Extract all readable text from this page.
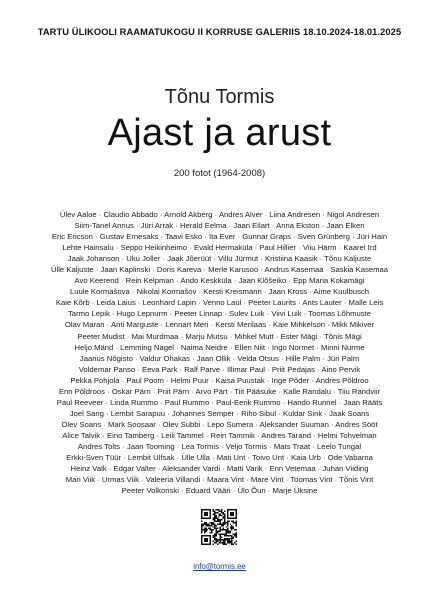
TARTU ÜLIKOOLI RAAMATUKOGU II KORRUSE GALERIIS 18.10.2024-18.01.2025
Tõnu Tormis
Ajast ja arust
200 fotot (1964-2008)
Ülev Aaloe · Claudio Abbado · Arnold Akberg · Andres Alver · Liina Andresen · Nigol Andresen
Siim-Tanel Annus · Jüri Arrak · Herald Eelma · Jaan Eilart · Anna Ekston · Jaan Elken
Eric Ericson · Gustav Ernesaks · Taavi Esko · Ita Ever · Gunnar Graps · Sven Grünberg · Jüri Hain
Lehte Hainsalu · Seppo Heikinheimo · Evald Hermaküla · Paul Hillier · Viiu Härm · Kaarel Ird
Jaak Johanson · Uku Joller · Jaak Jõerüüt · Villu Jürmut · Kristiina Kaasik · Tõnu Kaljuste
Ülle Kaljuste · Jaan Kaplinski · Doris Kareva · Merle Karusoo · Andrus Kasemaa · Saskia Kasemaa
Avo Keerend · Rein Kelpman · Ando Keskküla · Jaan Klõšeiko · Epp Maria Kokamägi
Luule Kormašova · Nikolai Kormašov · Kersti Kreismann · Jaan Kross · Aime Kuulbusch
Kaie Kõrb · Leida Laius · Leonhard Lapin · Venno Laul · Peeter Laurits · Ants Lauter · Malle Leis
Tarmo Lepik · Hugo Lepnurm · Peeter Linnap · Sulev Luik · Viivi Luik · Toomas Lõhmuste
Olav Maran · Anti Marguste · Lennart Meri · Kersti Merilaas · Kaie Mihkelson · Mikk Mikiver
Peeter Mudist · Mai Murdmaa · Marju Mutsu · Mihkel Mutt · Ester Mägi · Tõnis Mägi
Heljo Mänd · Lemming Nagel · Naima Neidre · Ellen Niit · Ingo Normet · Minni Nurme
Jaanus Nõgisto · Valdur Ohakas · Jaan Ollik · Velda Otsus · Hille Palm · Jüri Palm
Voldemar Panso · Eeva Park · Ralf Parve · Illimar Paul · Priit Pedajas · Aino Pervik
Pekka Pohjola · Paul Poom · Helmi Puur · Kaisa Puustak · Inge Põder · Andres Põldroo
Enn Põldroos · Oskar Pärn · Priit Pärn · Arvo Pärt · Tiit Pääsuke · Kalle Randalu · Tiiu Randviir
Paul Reeveer · Linda Rummo · Paul Rummo · Paul-Eerik Rummo · Hando Runnel · Jaan Rääts
Joel Sang · Lembit Sarapuu · Johannes Semper · Riho Sibul · Kuldar Sink · Jaak Soans
Olev Soans · Mark Soosaar · Olev Subbi · Lepo Sumera · Aleksander Suuman · Andres Sööt
Alice Talvik · Eino Tamberg · Leili Tammel · Rein Tammik · Andres Tarand · Helmi Tohvelman
Andres Tolts · Jaan Tooming · Lea Tormis · Veljo Tormis · Mats Traat · Leelo Tungal
Erkki-Sven Tüür · Lembit Ulfsak · Ülle Ulla · Mati Unt · Toivo Unt · Kaia Urb · Ode Vabarna
Heinz Valk · Edgar Valter · Aleksander Vardi · Matti Varik · Enn Vetemaa · Juhan Viiding
Mari Viik · Urmas Viik · Valeeria Villandi · Maara Vint · Mare Vint · Toomas Vint · Tõnis Vint
Peeter Volkonski · Eduard Vääri · Ülo Õun · Marje Üksine
info@tormis.ee
